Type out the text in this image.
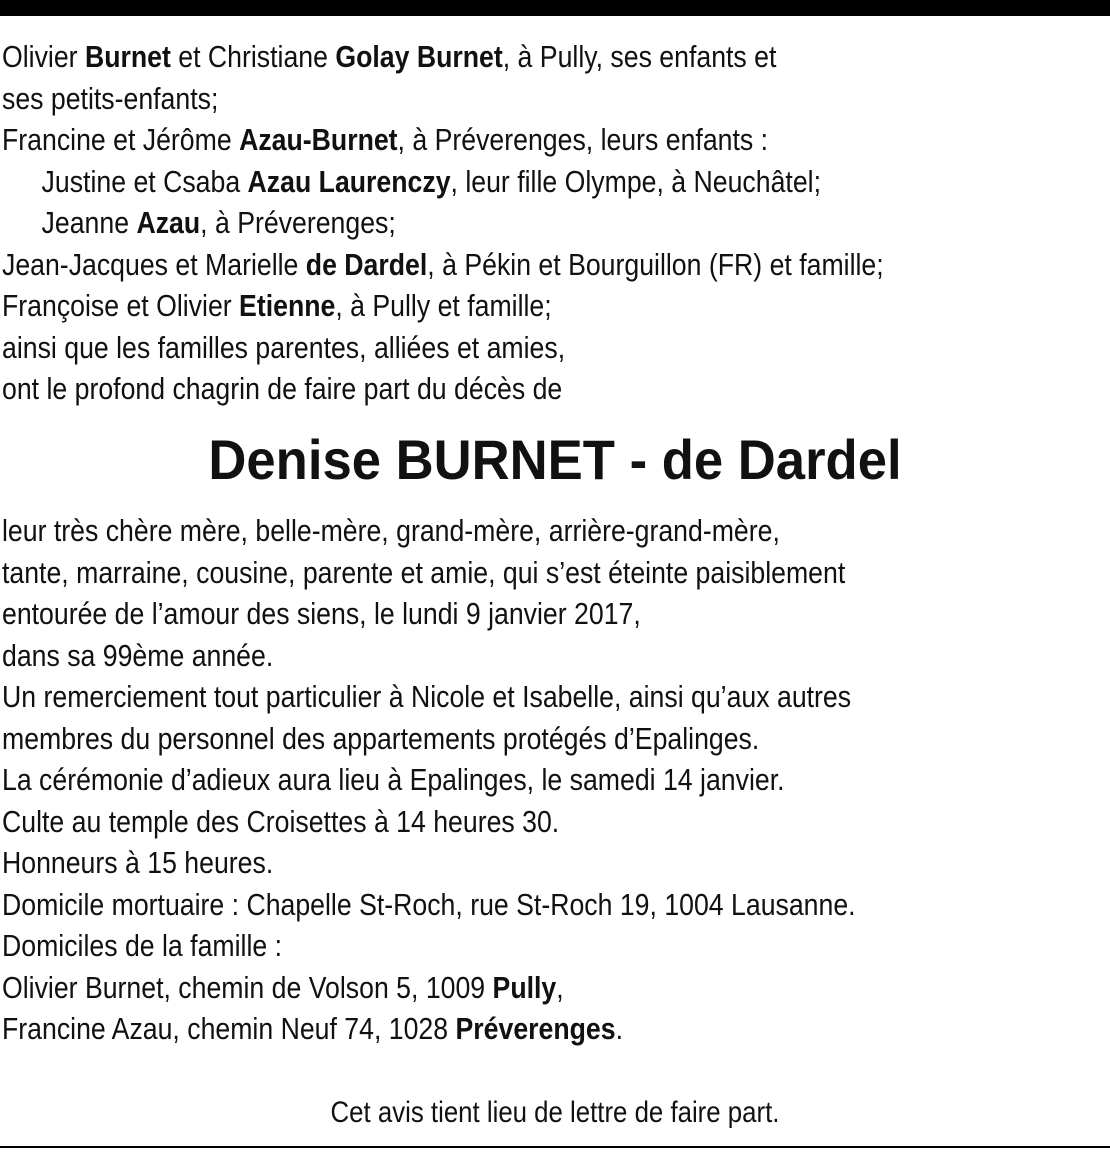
Olivier Burnet et Christiane Golay Burnet, à Pully, ses enfants et
ses petits-enfants;
Francine et Jérôme Azau-Burnet, à Préverenges, leurs enfants :
Justine et Csaba Azau Laurenczy, leur fille Olympe, à Neuchâtel;
Jeanne Azau, à Préverenges;
Jean-Jacques et Marielle de Dardel, à Pékin et Bourguillon (FR) et famille;
Françoise et Olivier Etienne, à Pully et famille;
ainsi que les familles parentes, alliées et amies,
ont le profond chagrin de faire part du décès de
Denise BURNET - de Dardel
leur très chère mère, belle-mère, grand-mère, arrière-grand-mère,
tante, marraine, cousine, parente et amie, qui s’est éteinte paisiblement
entourée de l’amour des siens, le lundi 9 janvier 2017,
dans sa 99ème année.
Un remerciement tout particulier à Nicole et Isabelle, ainsi qu’aux autres
membres du personnel des appartements protégés d’Epalinges.
La cérémonie d’adieux aura lieu à Epalinges, le samedi 14 janvier.
Culte au temple des Croisettes à 14 heures 30.
Honneurs à 15 heures.
Domicile mortuaire : Chapelle St-Roch, rue St-Roch 19, 1004 Lausanne.
Domiciles de la famille :
Olivier Burnet, chemin de Volson 5, 1009 Pully,
Francine Azau, chemin Neuf 74, 1028 Préverenges.
Cet avis tient lieu de lettre de faire part.
